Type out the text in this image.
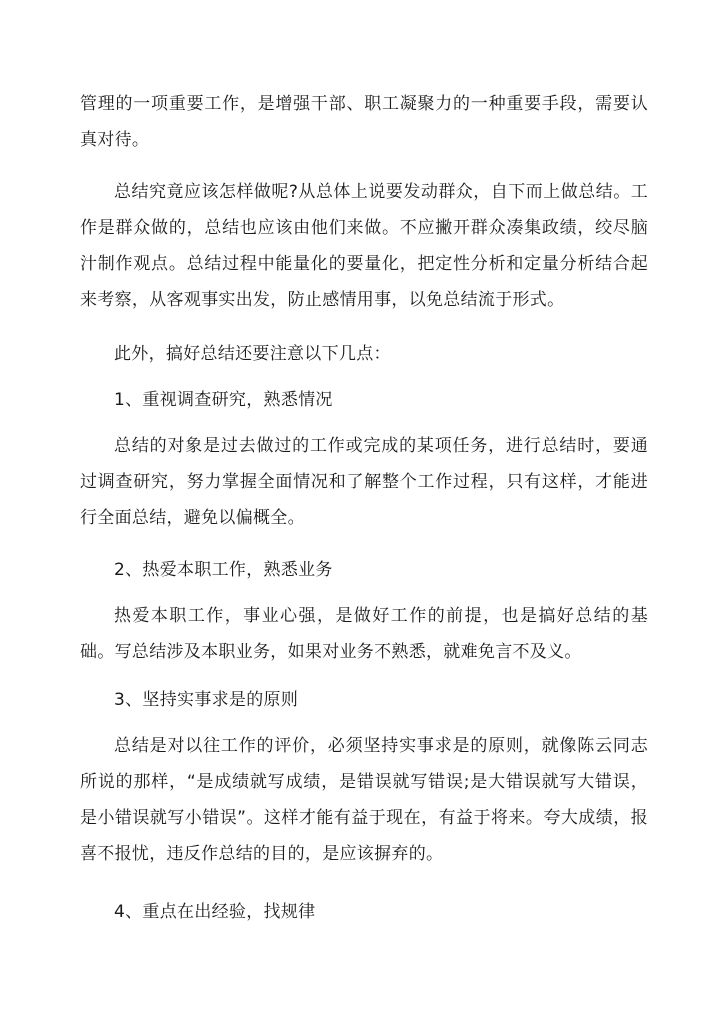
管理的一项重要工作，是增强干部、职工凝聚力的一种重要手段，需要认真对待。

总结究竟应该怎样做呢?从总体上说要发动群众，自下而上做总结。工作是群众做的，总结也应该由他们来做。不应撇开群众凑集政绩，绞尽脑汁制作观点。总结过程中能量化的要量化，把定性分析和定量分析结合起来考察，从客观事实出发，防止感情用事，以免总结流于形式。

此外，搞好总结还要注意以下几点：

1、重视调查研究，熟悉情况

总结的对象是过去做过的工作或完成的某项任务，进行总结时，要通过调查研究，努力掌握全面情况和了解整个工作过程，只有这样，才能进行全面总结，避免以偏概全。

2、热爱本职工作，熟悉业务

热爱本职工作，事业心强，是做好工作的前提，也是搞好总结的基础。写总结涉及本职业务，如果对业务不熟悉，就难免言不及义。

3、坚持实事求是的原则

总结是对以往工作的评价，必须坚持实事求是的原则，就像陈云同志所说的那样，“是成绩就写成绩，是错误就写错误;是大错误就写大错误，是小错误就写小错误”。这样才能有益于现在，有益于将来。夸大成绩，报喜不报忧，违反作总结的目的，是应该摒弃的。

4、重点在出经验，找规律
